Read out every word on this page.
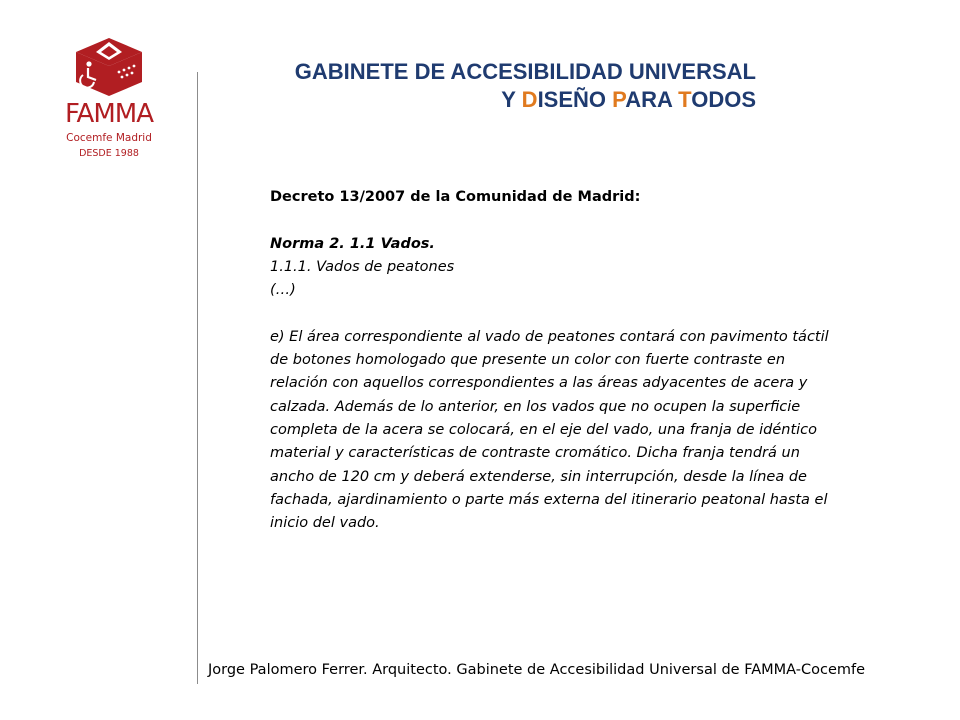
FAMMA
Cocemfe Madrid
DESDE 1988
GABINETE DE ACCESIBILIDAD UNIVERSAL
Y DISEÑO PARA TODOS

Decreto 13/2007 de la Comunidad de Madrid:

Norma 2. 1.1 Vados.

1.1.1. Vados de peatones

(…)

e) El área correspondiente al vado de peatones contará con pavimento táctil de botones homologado que presente un color con fuerte contraste en relación con aquellos correspondientes a las áreas adyacentes de acera y calzada. Además de lo anterior, en los vados que no ocupen la superficie completa de la acera se colocará, en el eje del vado, una franja de idéntico material y características de contraste cromático. Dicha franja tendrá un ancho de 120 cm y deberá extenderse, sin interrupción, desde la línea de fachada, ajardinamiento o parte más externa del itinerario peatonal hasta el inicio del vado.

Jorge Palomero Ferrer. Arquitecto. Gabinete de Accesibilidad Universal de FAMMA-Cocemfe
